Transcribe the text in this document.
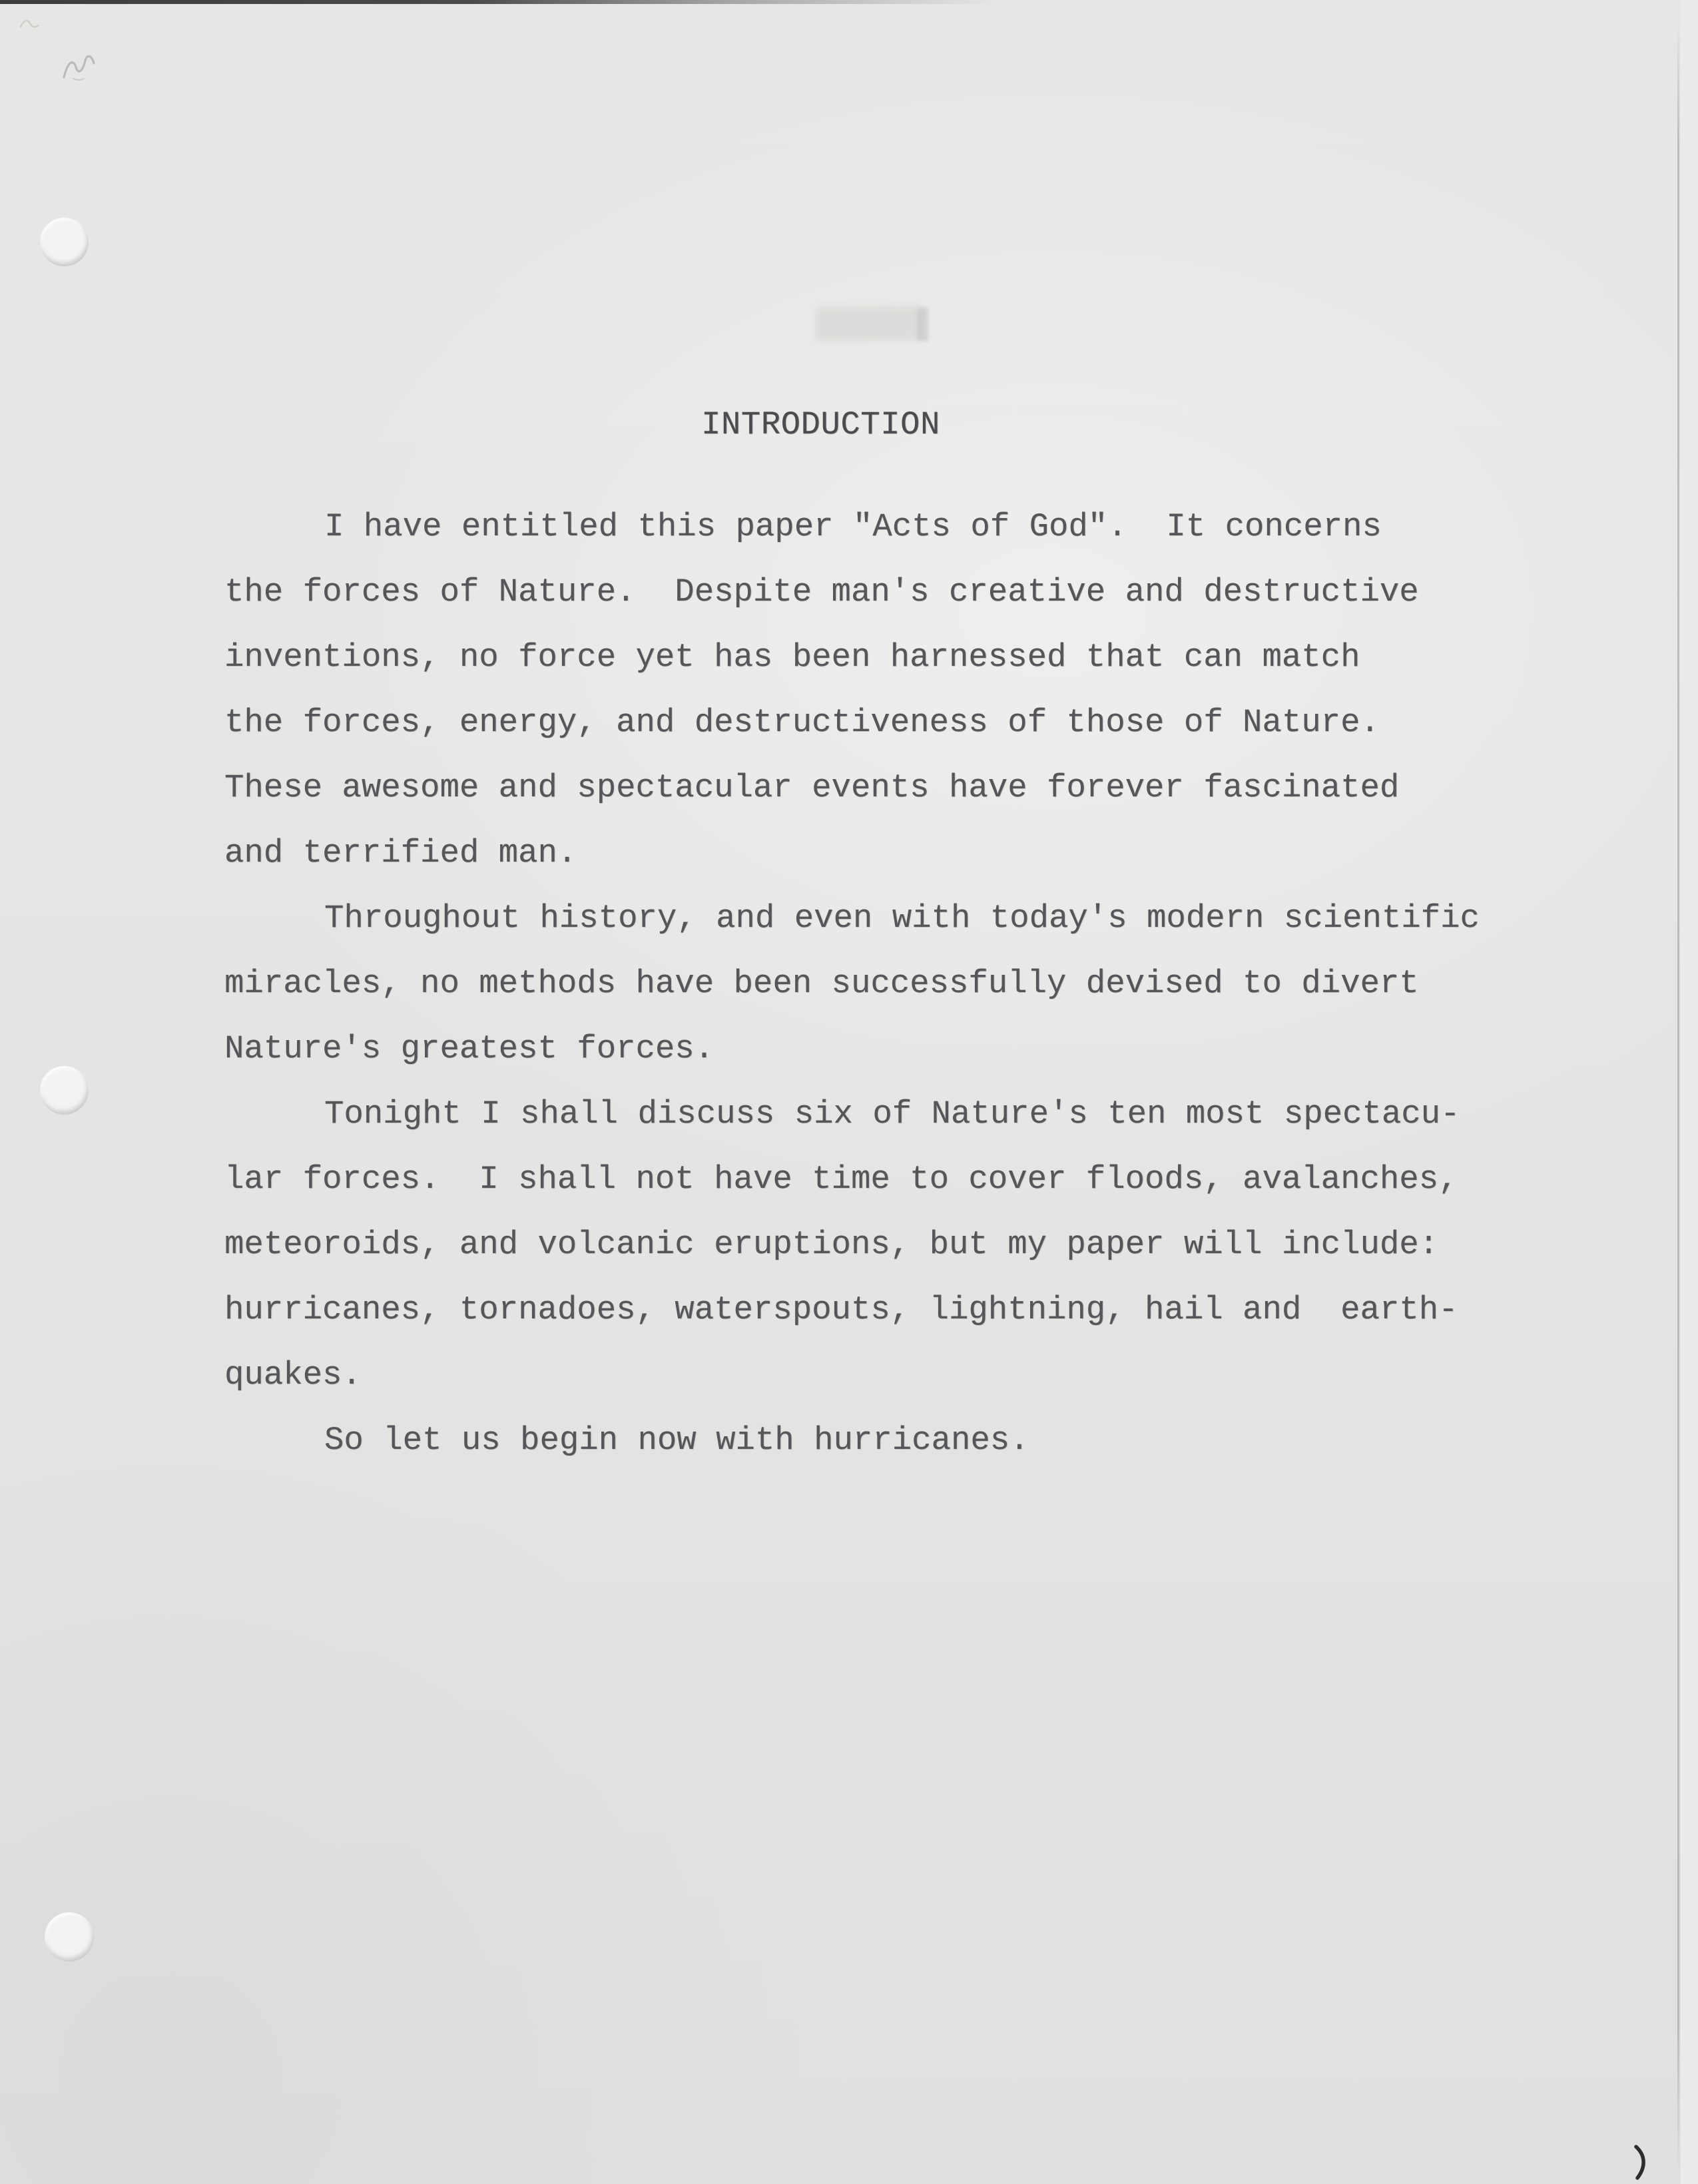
INTRODUCTION
I have entitled this paper "Acts of God".  It concerns
the forces of Nature.  Despite man's creative and destructive
inventions, no force yet has been harnessed that can match
the forces, energy, and destructiveness of those of Nature.
These awesome and spectacular events have forever fascinated
and terrified man.
Throughout history, and even with today's modern scientific
miracles, no methods have been successfully devised to divert
Nature's greatest forces.
Tonight I shall discuss six of Nature's ten most spectacu-
lar forces.  I shall not have time to cover floods, avalanches,
meteoroids, and volcanic eruptions, but my paper will include:
hurricanes, tornadoes, waterspouts, lightning, hail and  earth-
quakes.
So let us begin now with hurricanes.
